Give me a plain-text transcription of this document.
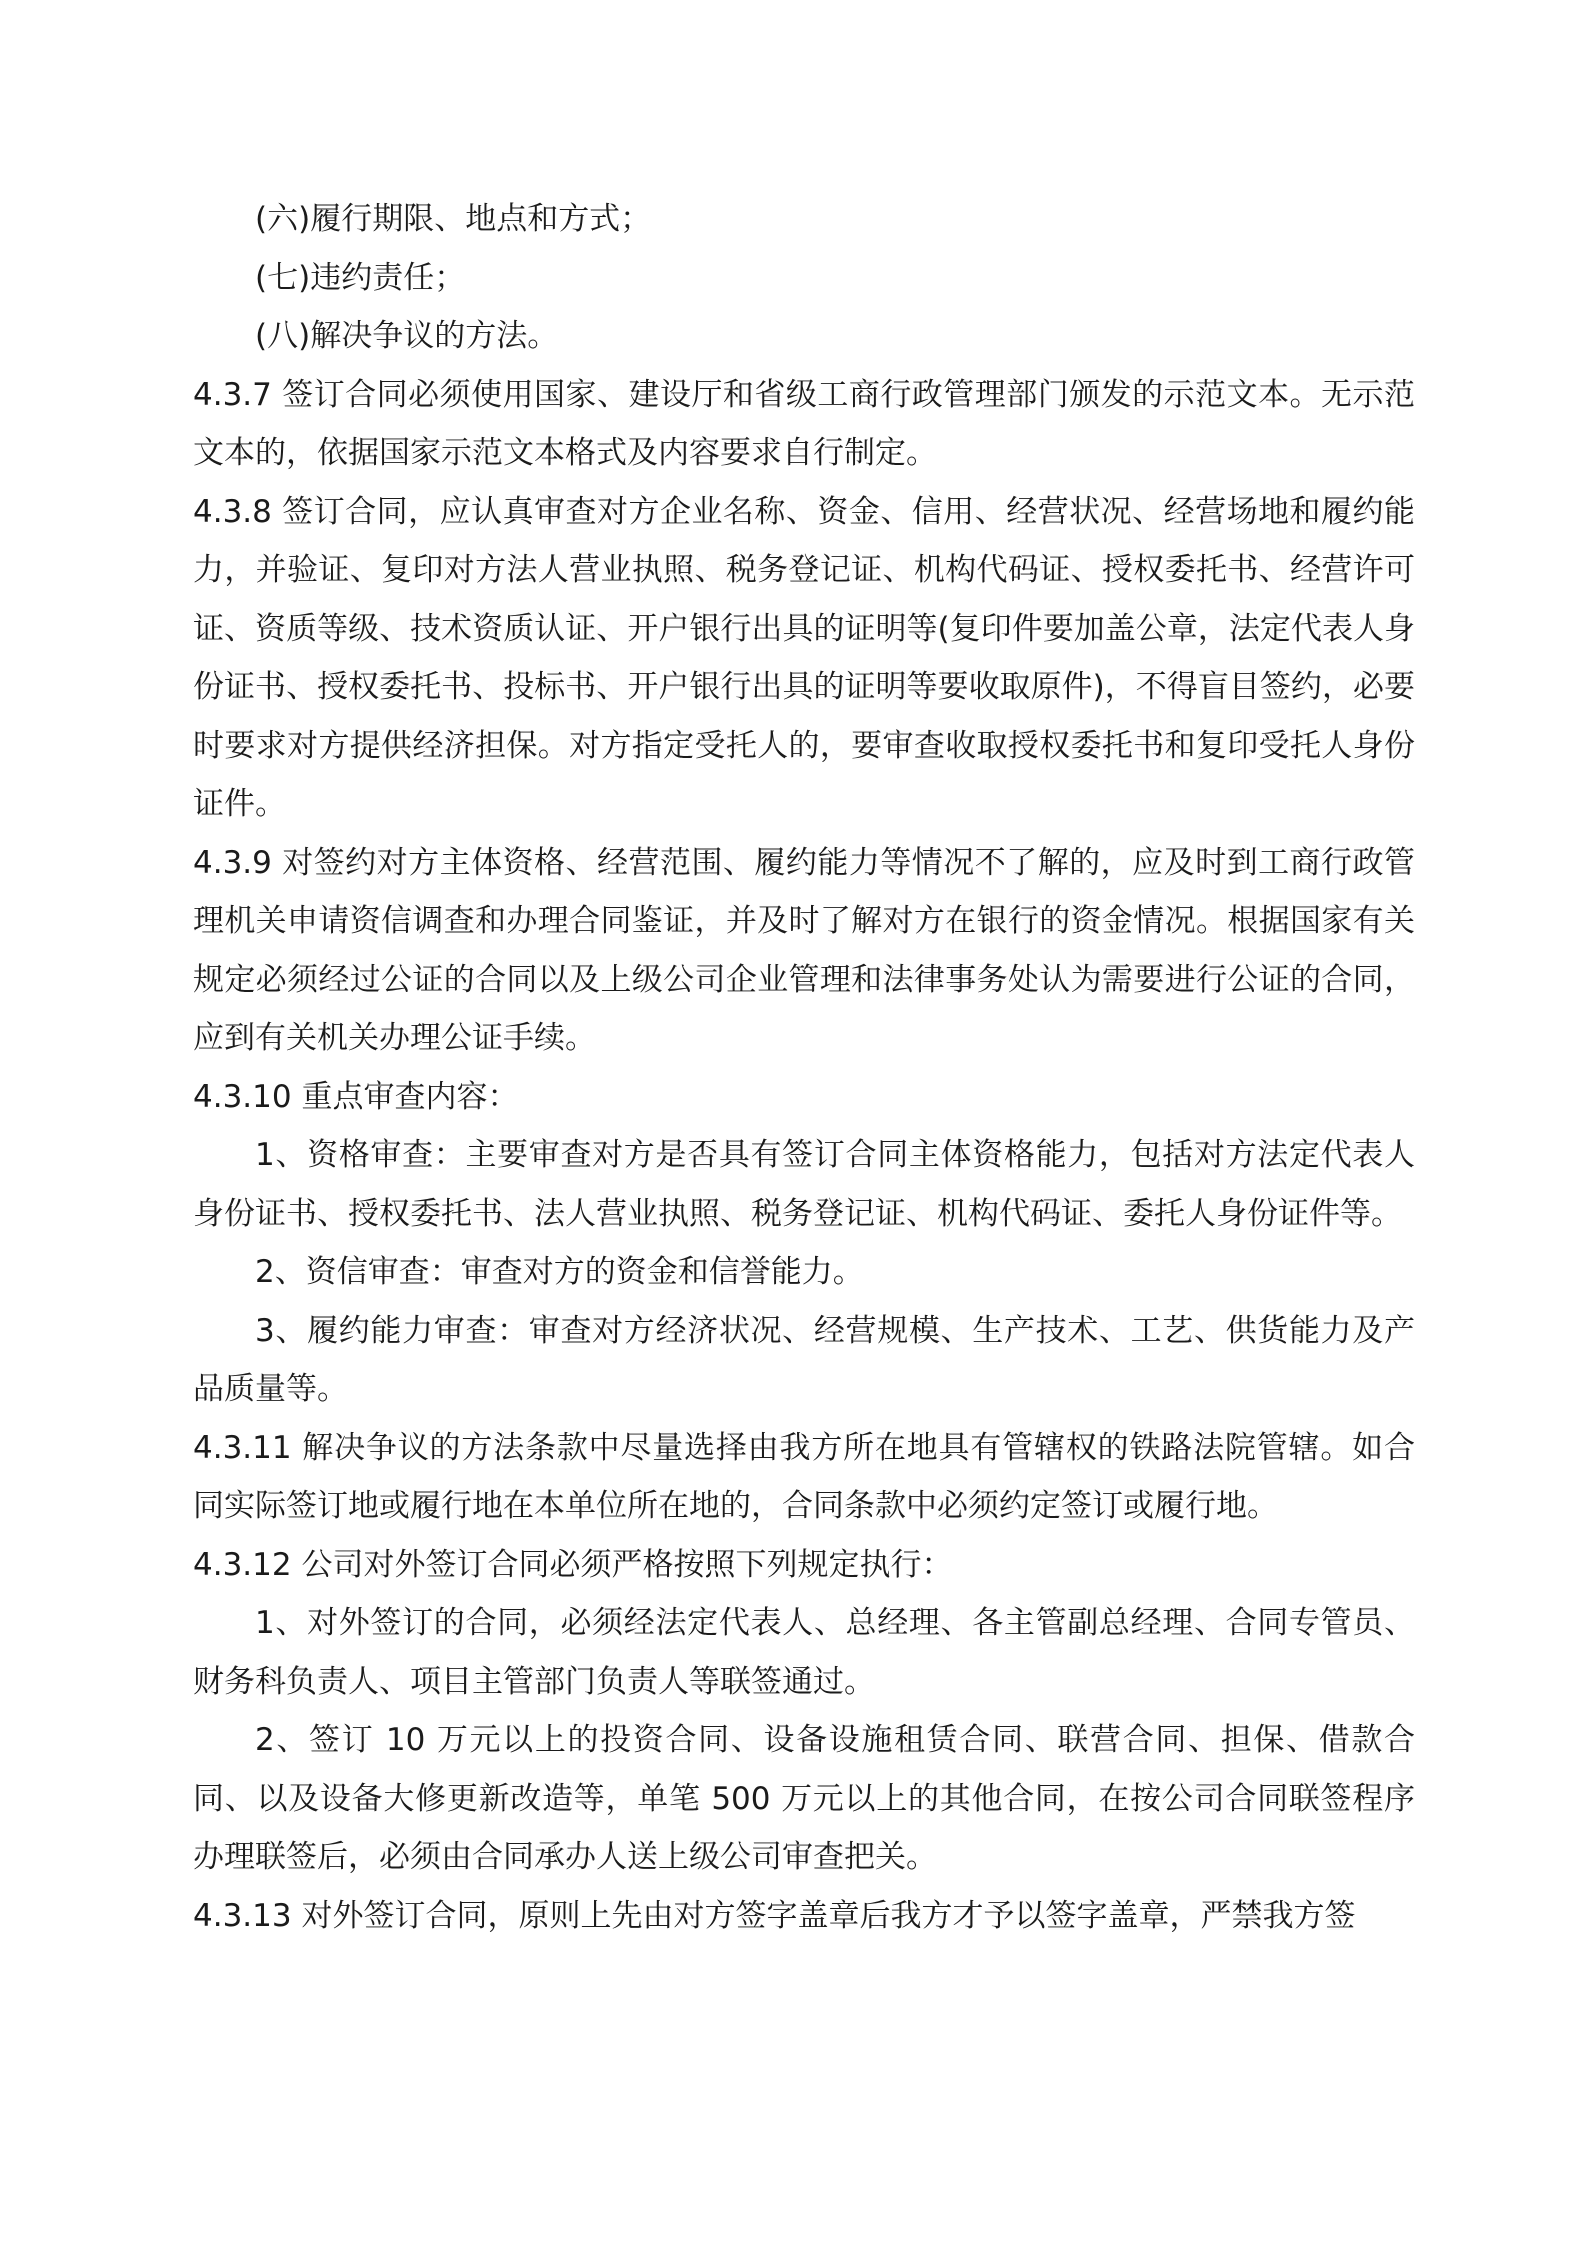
(六)履行期限、地点和方式；

(七)违约责任；

(八)解决争议的方法。

4.3.7 签订合同必须使用国家、建设厅和省级工商行政管理部门颁发的示范文本。无示范文本的，依据国家示范文本格式及内容要求自行制定。

4.3.8 签订合同，应认真审查对方企业名称、资金、信用、经营状况、经营场地和履约能力，并验证、复印对方法人营业执照、税务登记证、机构代码证、授权委托书、经营许可证、资质等级、技术资质认证、开户银行出具的证明等(复印件要加盖公章，法定代表人身份证书、授权委托书、投标书、开户银行出具的证明等要收取原件)，不得盲目签约，必要时要求对方提供经济担保。对方指定受托人的，要审查收取授权委托书和复印受托人身份证件。

4.3.9 对签约对方主体资格、经营范围、履约能力等情况不了解的，应及时到工商行政管理机关申请资信调查和办理合同鉴证，并及时了解对方在银行的资金情况。根据国家有关规定必须经过公证的合同以及上级公司企业管理和法律事务处认为需要进行公证的合同，应到有关机关办理公证手续。

4.3.10 重点审查内容：

1、资格审查：主要审查对方是否具有签订合同主体资格能力，包括对方法定代表人身份证书、授权委托书、法人营业执照、税务登记证、机构代码证、委托人身份证件等。

2、资信审查：审查对方的资金和信誉能力。

3、履约能力审查：审查对方经济状况、经营规模、生产技术、工艺、供货能力及产品质量等。

4.3.11 解决争议的方法条款中尽量选择由我方所在地具有管辖权的铁路法院管辖。如合同实际签订地或履行地在本单位所在地的，合同条款中必须约定签订或履行地。

4.3.12 公司对外签订合同必须严格按照下列规定执行：

1、对外签订的合同，必须经法定代表人、总经理、各主管副总经理、合同专管员、财务科负责人、项目主管部门负责人等联签通过。

2、签订 10 万元以上的投资合同、设备设施租赁合同、联营合同、担保、借款合同、以及设备大修更新改造等，单笔 500 万元以上的其他合同，在按公司合同联签程序办理联签后，必须由合同承办人送上级公司审查把关。

4.3.13 对外签订合同，原则上先由对方签字盖章后我方才予以签字盖章，严禁我方签
